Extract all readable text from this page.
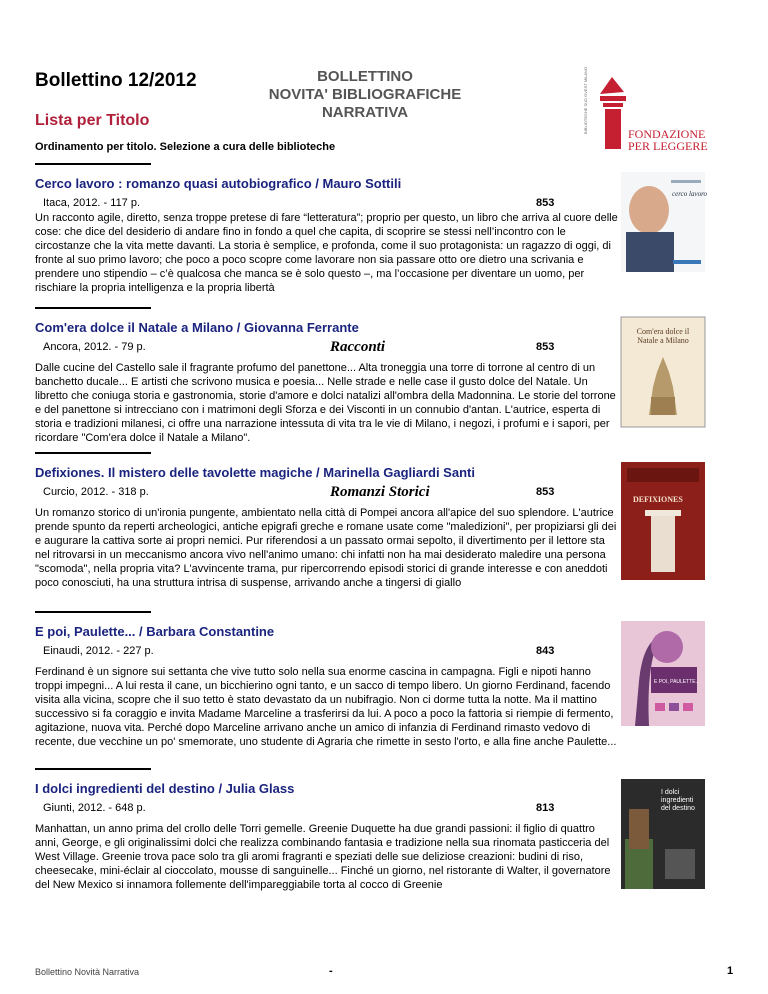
Bollettino 12/2012
Lista per Titolo
BOLLETTINO
NOVITA' BIBLIOGRAFICHE
NARRATIVA
Ordinamento per titolo. Selezione a cura delle biblioteche
BIBLIOTECHE SUD OVEST MILANO	FONDAZIONE
PER LEGGERE
Cerco lavoro : romanzo quasi autobiografico / Mauro Sottili
Itaca, 2012. - 117 p.	853
Un racconto agile, diretto, senza troppe pretese di fare “letteratura”; proprio per questo, un libro che arriva al cuore delle cose: che dice del desiderio di andare fino in fondo a quel che capita, di scoprire se stessi nell’incontro con le circostanze che la vita mette davanti. La storia è semplice, e profonda, come il suo protagonista: un ragazzo di oggi, di fronte al suo primo lavoro; che poco a poco scopre come lavorare non sia passare otto ore dietro una scrivania e prendere uno stipendio – c’è qualcosa che manca se è solo questo –, ma l’occasione per diventare un uomo, per rischiare la propria intelligenza e la propria libertà
cerco lavoro
Com'era dolce il Natale a Milano / Giovanna Ferrante
Ancora, 2012. - 79 p.	Racconti	853
Dalle cucine del Castello sale il fragrante profumo del panettone... Alta troneggia una torre di torrone al centro di un banchetto ducale... E artisti che scrivono musica e poesia... Nelle strade e nelle case il gusto dolce del Natale. Un libretto che coniuga storia e gastronomia, storie d'amore e dolci natalizi all'ombra della Madonnina. Le storie del torrone e del panettone si intrecciano con i matrimoni degli Sforza e dei Visconti in un connubio d'antan. L'autrice, esperta di storia e tradizioni milanesi, ci offre una narrazione intessuta di vita tra le vie di Milano, i negozi, i profumi e i sapori, per ricordare "Com'era dolce il Natale a Milano".
Com'era dolce il Natale a Milano
Defixiones. Il mistero delle tavolette magiche / Marinella Gagliardi Santi
Curcio, 2012. - 318 p.	Romanzi Storici	853
Un romanzo storico di un'ironia pungente, ambientato nella città di Pompei ancora all'apice del suo splendore. L'autrice prende spunto da reperti archeologici, antiche epigrafi greche e romane usate come "maledizioni", per propiziarsi gli dei e augurare la cattiva sorte ai propri nemici. Pur riferendosi a un passato ormai sepolto, il divertimento per il lettore sta nel ritrovarsi in un meccanismo ancora vivo nell'animo umano: chi infatti non ha mai desiderato maledire una persona "scomoda", nella propria vita? L'avvincente trama, pur ripercorrendo episodi storici di grande interesse e con aneddoti poco conosciuti, ha una struttura intrisa di suspense, arrivando anche a tingersi di giallo
DEFIXIONES
E poi, Paulette... / Barbara Constantine
Einaudi, 2012. - 227 p.	843
Ferdinand è un signore sui settanta che vive tutto solo nella sua enorme cascina in campagna. Figli e nipoti hanno troppi impegni... A lui resta il cane, un bicchierino ogni tanto, e un sacco di tempo libero. Un giorno Ferdinand, facendo visita alla vicina, scopre che il suo tetto è stato devastato da un nubifragio. Non ci dorme tutta la notte. Ma il mattino successivo si fa coraggio e invita Madame Marceline a trasferirsi da lui. A poco a poco la fattoria si riempie di fermento, agitazione, nuova vita. Perché dopo Marceline arrivano anche un amico di infanzia di Ferdinand rimasto vedovo di recente, due vecchine un po' smemorate, uno studente di Agraria che rimette in sesto l'orto, e alla fine anche Paulette...
E POI, PAULETTE...
I dolci ingredienti del destino / Julia Glass
Giunti, 2012. - 648 p.	813
Manhattan, un anno prima del crollo delle Torri gemelle. Greenie Duquette ha due grandi passioni: il figlio di quattro anni, George, e gli originalissimi dolci che realizza combinando fantasia e tradizione nella sua rinomata pasticceria del West Village. Greenie trova pace solo tra gli aromi fragranti e speziati delle sue deliziose creazioni: budini di riso, cheesecake, mini-éclair al cioccolato, mousse di sanguinelle... Finché un giorno, nel ristorante di Walter, il governatore del New Mexico si innamora follemente dell'impareggiabile torta al cocco di Greenie
I dolci ingredienti del destino
Bollettino Novità Narrativa	-	1
